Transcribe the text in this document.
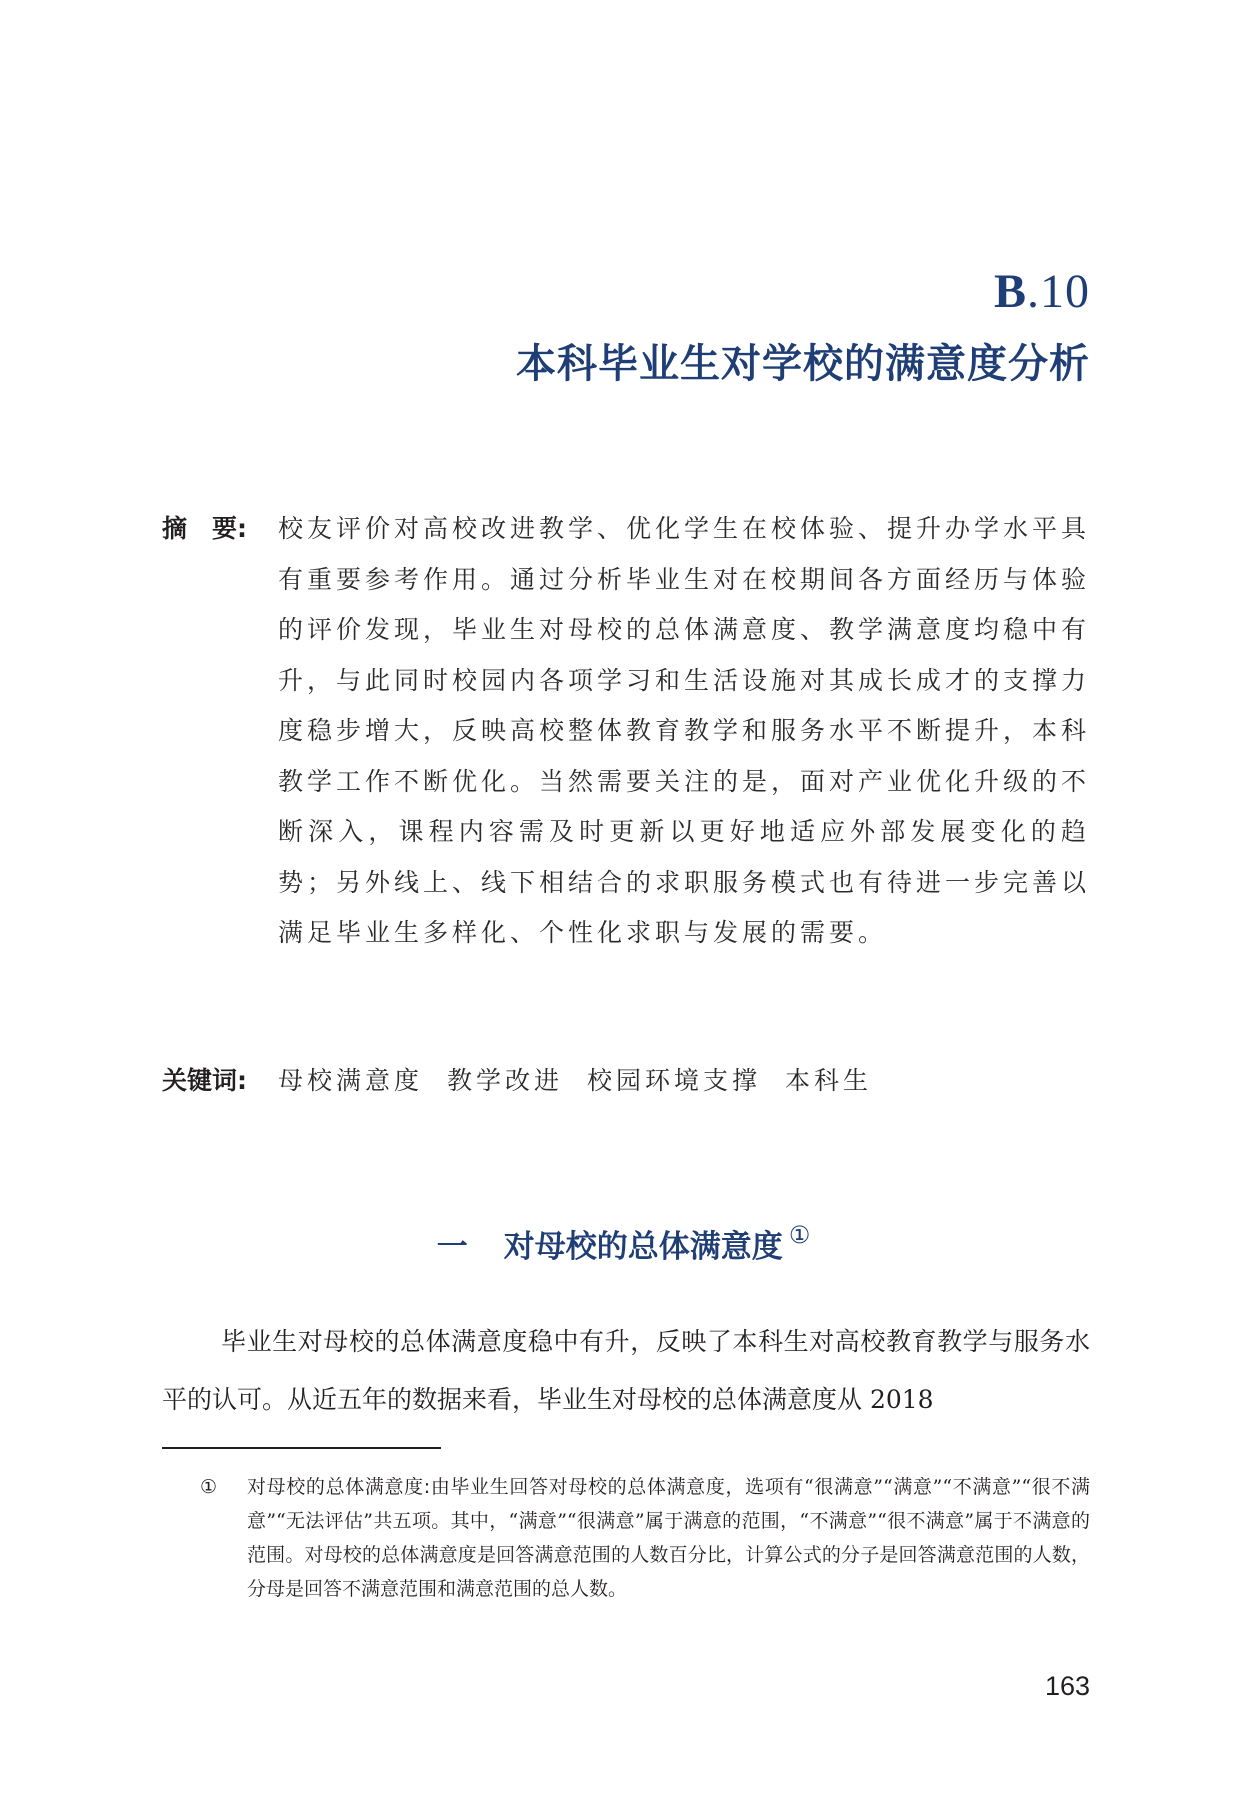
B.10
本科毕业生对学校的满意度分析
摘　要: 校友评价对高校改进教学、优化学生在校体验、提升办学水平具有重要参考作用。通过分析毕业生对在校期间各方面经历与体验的评价发现，毕业生对母校的总体满意度、教学满意度均稳中有升，与此同时校园内各项学习和生活设施对其成长成才的支撑力度稳步增大，反映高校整体教育教学和服务水平不断提升，本科教学工作不断优化。当然需要关注的是，面对产业优化升级的不断深入，课程内容需及时更新以更好地适应外部发展变化的趋势；另外线上、线下相结合的求职服务模式也有待进一步完善以满足毕业生多样化、个性化求职与发展的需要。
关键词: 母校满意度 教学改进 校园环境支撑 本科生
一 对母校的总体满意度 ①

毕业生对母校的总体满意度稳中有升，反映了本科生对高校教育教学与服务水平的认可。从近五年的数据来看，毕业生对母校的总体满意度从 2018

① 对母校的总体满意度:由毕业生回答对母校的总体满意度，选项有“很满意”“满意”“不满意”“很不满意”“无法评估”共五项。其中，“满意”“很满意”属于满意的范围，“不满意”“很不满意”属于不满意的范围。对母校的总体满意度是回答满意范围的人数百分比，计算公式的分子是回答满意范围的人数，分母是回答不满意范围和满意范围的总人数。

163
